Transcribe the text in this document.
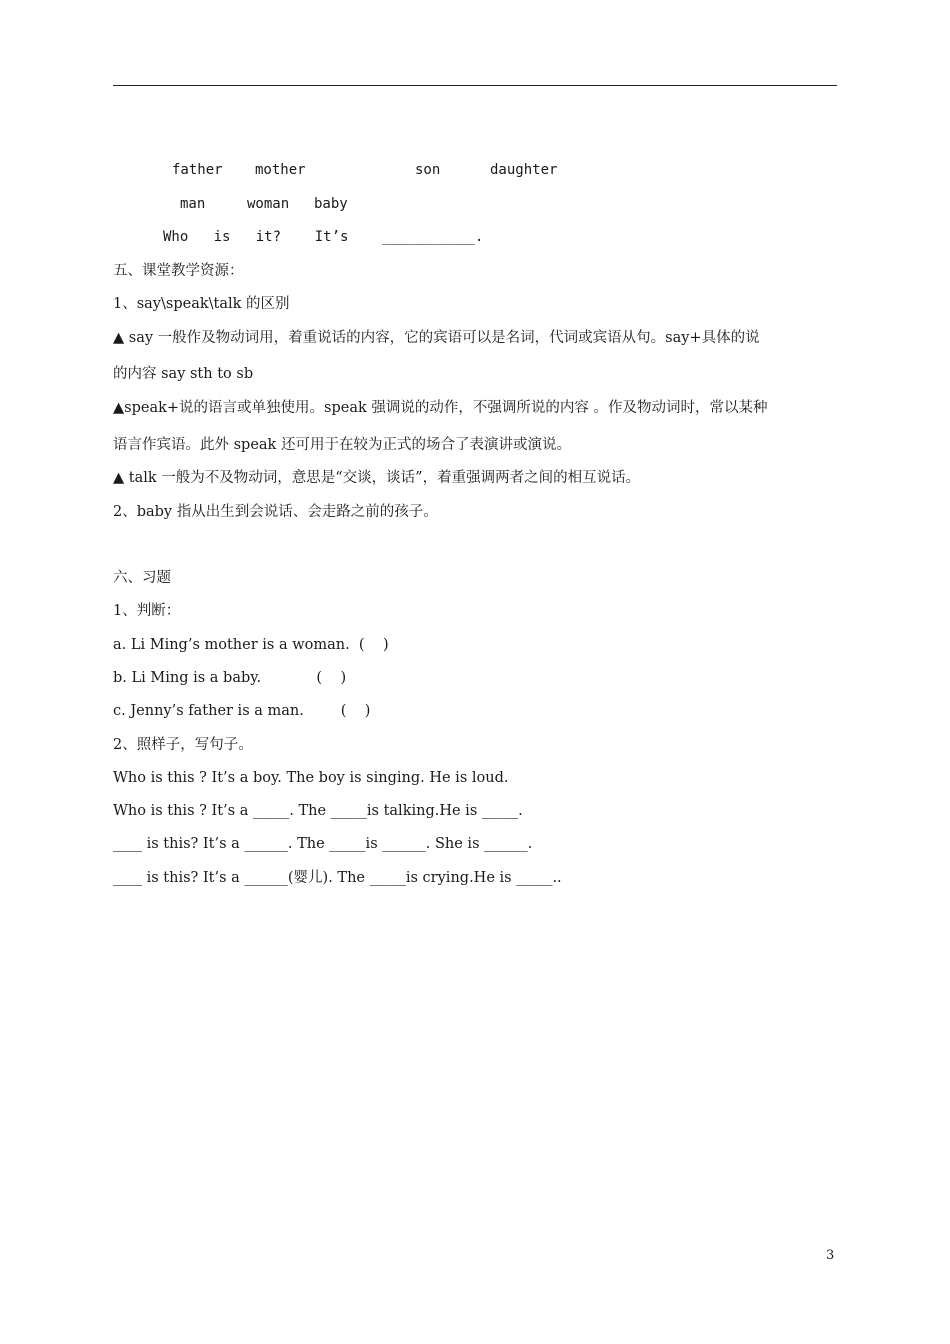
father mother	son	daughter
man	woman baby
Who   is   it?    It’s    ___________.
五、课堂教学资源：
1、say\speak\talk 的区别
▲ say 一般作及物动词用，着重说话的内容，它的宾语可以是名词，代词或宾语从句。say+具体的说
的内容 say sth to sb
▲speak+说的语言或单独使用。speak 强调说的动作，不强调所说的内容 。作及物动词时，常以某种
语言作宾语。此外 speak 还可用于在较为正式的场合了表演讲或演说。
▲ talk 一般为不及物动词，意思是“交谈，谈话”，着重强调两者之间的相互说话。
2、baby 指从出生到会说话、会走路之前的孩子。
六、习题
1、判断：
a. Li Ming’s mother is a woman.  (    )
b. Li Ming is a baby.            (    )
c. Jenny’s father is a man.        (    )
2、照样子，写句子。
Who is this ? It’s a boy. The boy is singing. He is loud.
Who is this ? It’s a _____. The _____is talking.He is _____.
____ is this? It’s a ______. The _____is ______. She is ______.
____ is this? It’s a ______(婴儿). The _____is crying.He is _____..
3
